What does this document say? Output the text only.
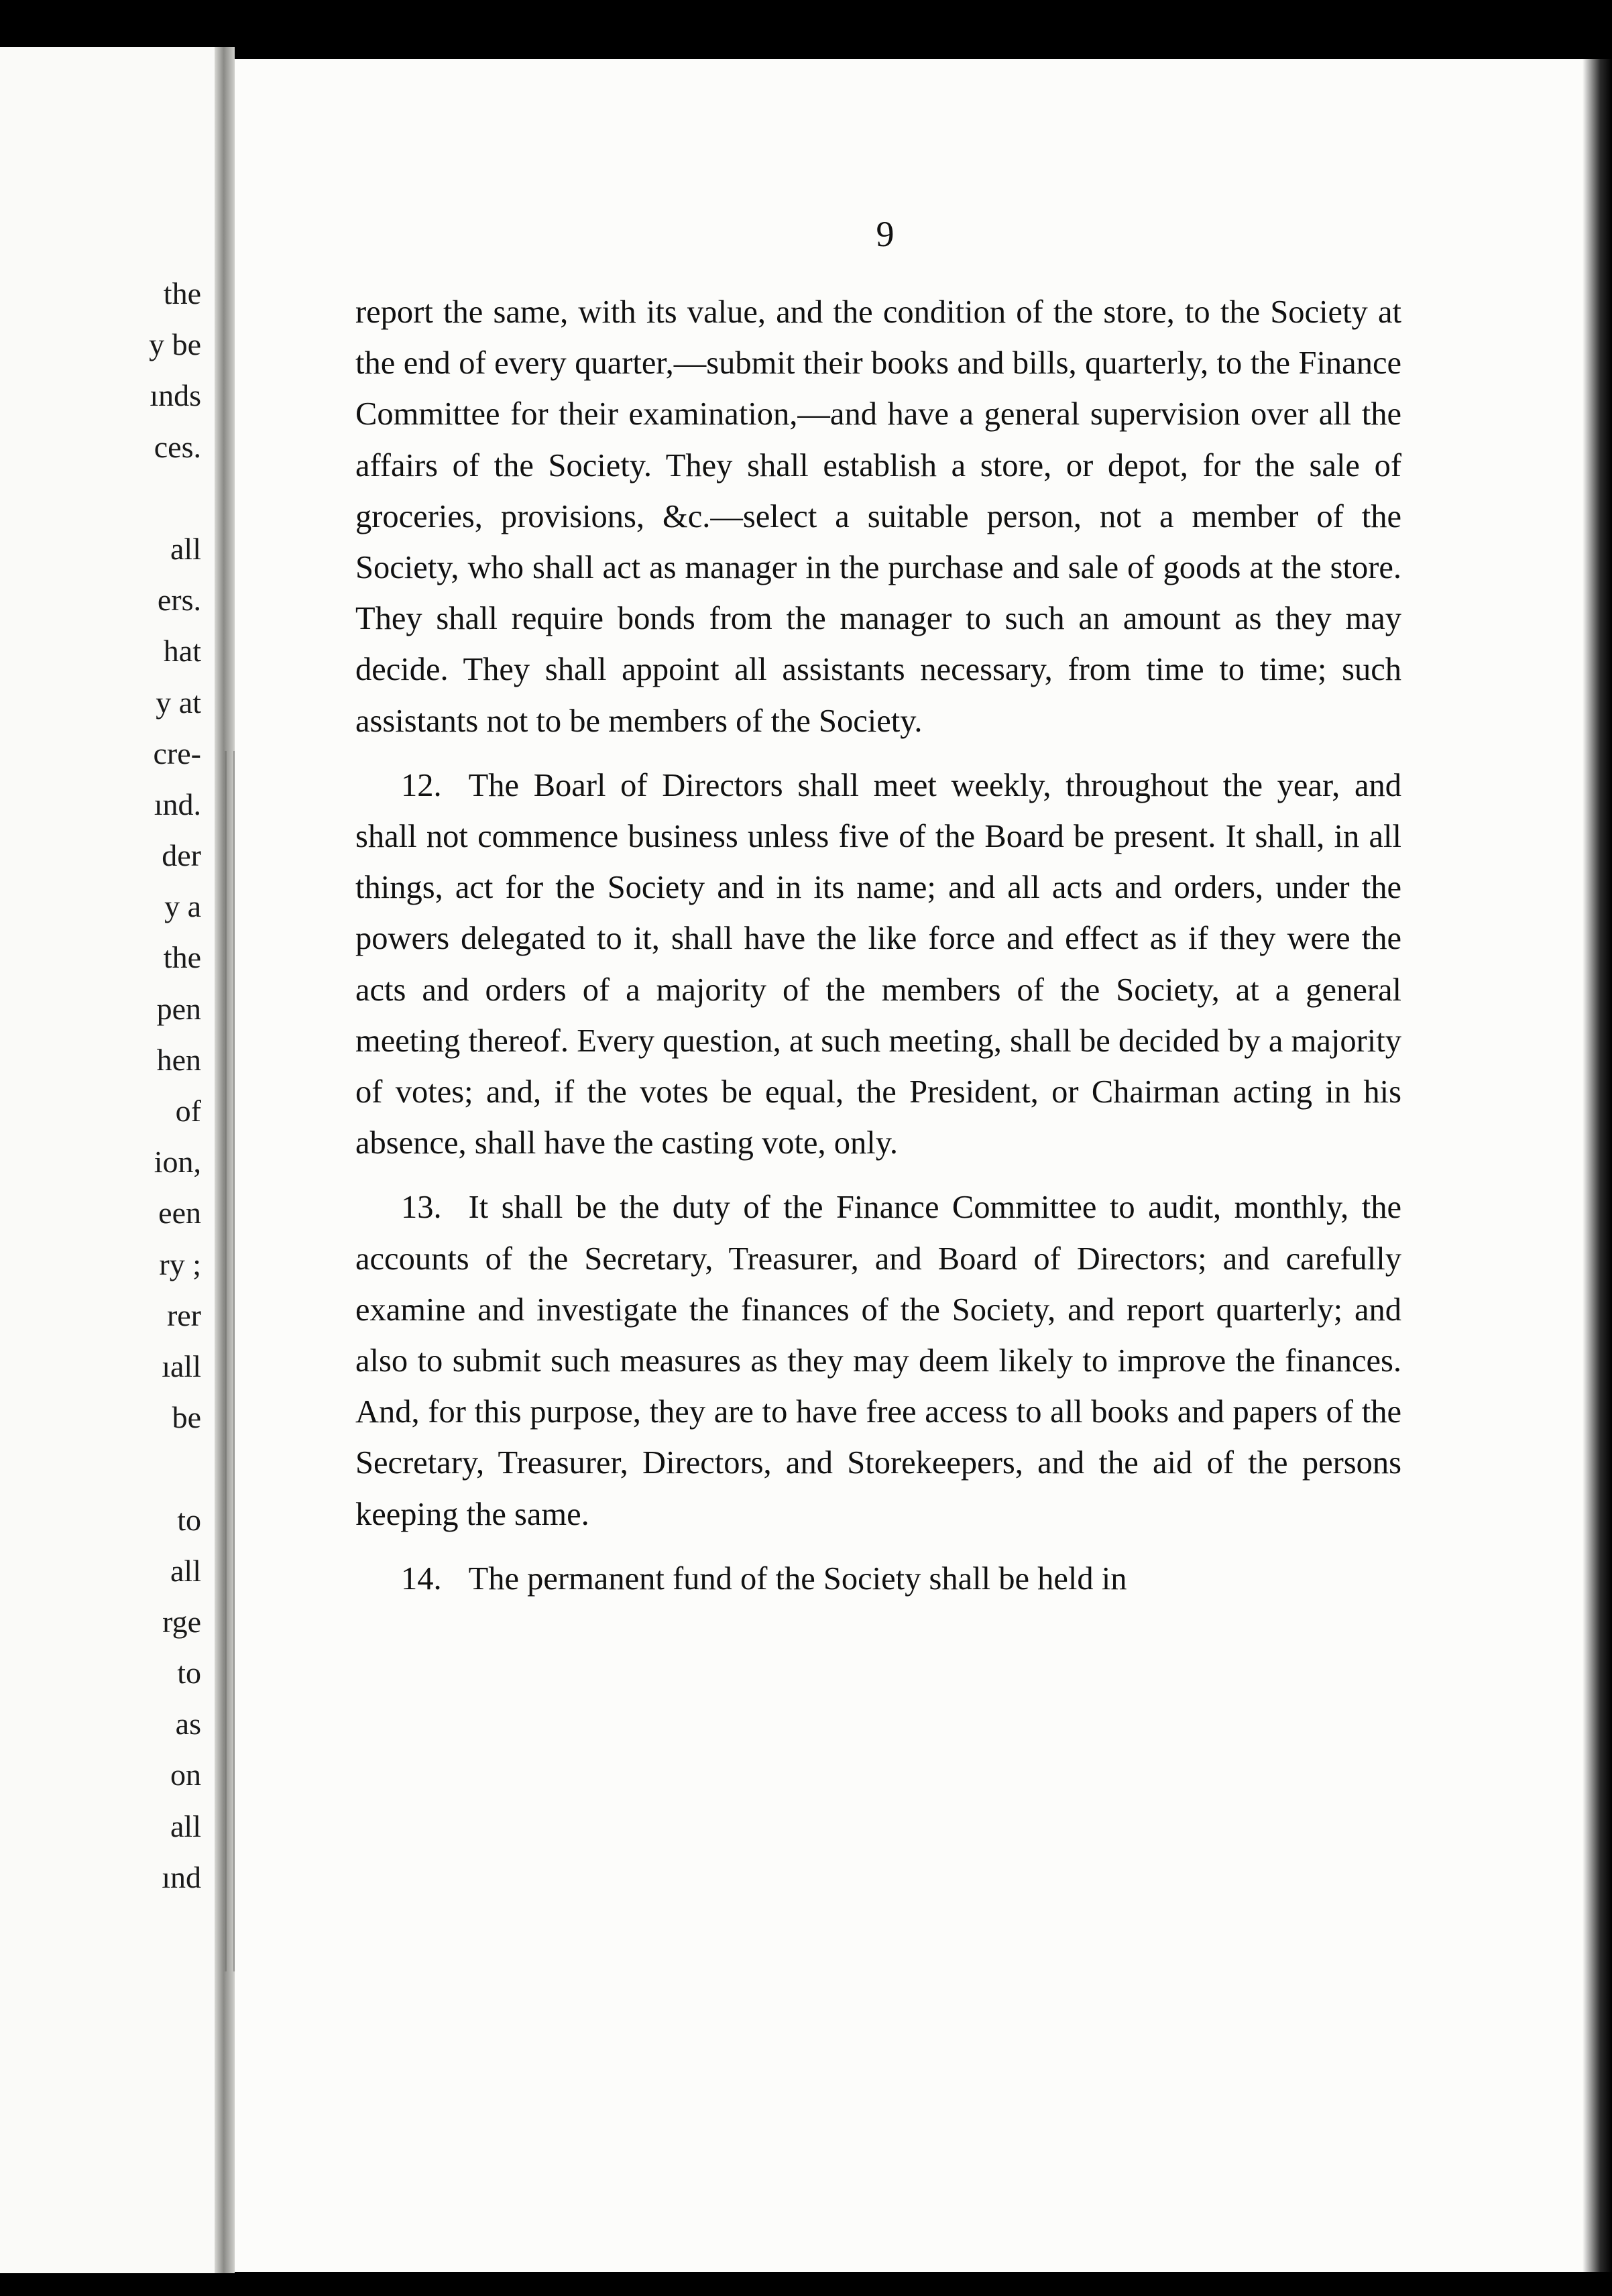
the
y be
ınds
ces.
all
ers.
hat
y at
cre-
ınd.
der
y a
the
pen
hen
of
ion,
een
ry ;
rer
ıall
be
to
all
rge
to
as
on
all
ınd
9

report the same, with its value, and the condition of the store, to the Society at the end of every quarter,—submit their books and bills, quarterly, to the Finance Committee for their examination,—and have a general supervision over all the affairs of the Society. They shall establish a store, or depot, for the sale of groceries, provisions, &c.—select a suitable person, not a member of the Society, who shall act as manager in the purchase and sale of goods at the store. They shall require bonds from the manager to such an amount as they may decide. They shall appoint all assistants necessary, from time to time; such assistants not to be members of the Society.

12. The Boarl of Directors shall meet weekly, throughout the year, and shall not commence business unless five of the Board be present. It shall, in all things, act for the Society and in its name; and all acts and orders, under the powers delegated to it, shall have the like force and effect as if they were the acts and orders of a majority of the members of the Society, at a general meeting thereof. Every question, at such meeting, shall be decided by a majority of votes; and, if the votes be equal, the President, or Chairman acting in his absence, shall have the casting vote, only.

13. It shall be the duty of the Finance Committee to audit, monthly, the accounts of the Secretary, Treasurer, and Board of Directors; and carefully examine and investigate the finances of the Society, and report quarterly; and also to submit such measures as they may deem likely to improve the finances. And, for this purpose, they are to have free access to all books and papers of the Secretary, Treasurer, Directors, and Storekeepers, and the aid of the persons keeping the same.

14. The permanent fund of the Society shall be held in
